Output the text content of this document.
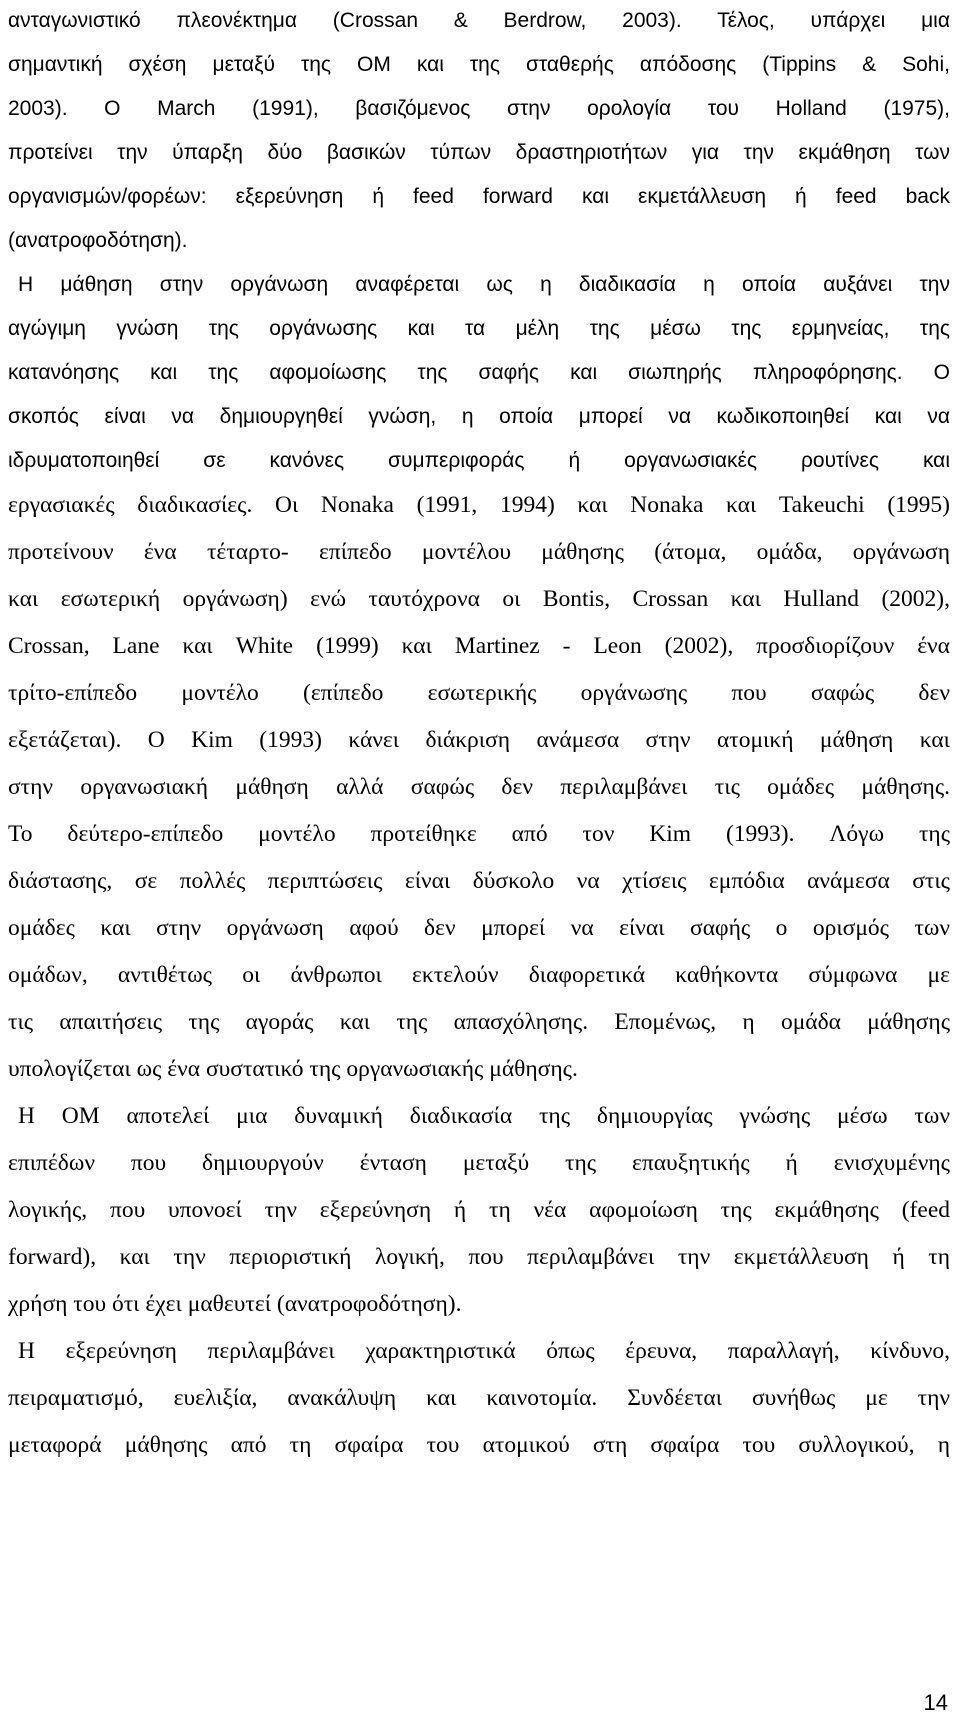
ανταγωνιστικό πλεονέκτημα (Crossan & Berdrow, 2003). Τέλος, υπάρχει μια
σημαντική σχέση μεταξύ της ΟΜ και της σταθερής απόδοσης (Tippins & Sohi,
2003). O March (1991), βασιζόμενος στην ορολογία του Holland (1975),
προτείνει την ύπαρξη δύο βασικών τύπων δραστηριοτήτων για την εκμάθηση των
οργανισμών/φορέων: εξερεύνηση ή feed forward και εκμετάλλευση ή feed back
(ανατροφοδότηση).
Η μάθηση στην οργάνωση αναφέρεται ως η διαδικασία η οποία αυξάνει την
αγώγιμη γνώση της οργάνωσης και τα μέλη της μέσω της ερμηνείας, της
κατανόησης και της αφομοίωσης της σαφής και σιωπηρής πληροφόρησης. Ο
σκοπός είναι να δημιουργηθεί γνώση, η οποία μπορεί να κωδικοποιηθεί και να
ιδρυματοποιηθεί σε κανόνες συμπεριφοράς ή οργανωσιακές ρουτίνες και
εργασιακές διαδικασίες. Οι Nonaka (1991, 1994) και Nonaka και Takeuchi (1995)
προτείνουν ένα τέταρτο- επίπεδο μοντέλου μάθησης (άτομα, ομάδα, οργάνωση
και εσωτερική οργάνωση) ενώ ταυτόχρονα οι Bontis, Crossan και Hulland (2002),
Crossan, Lane και White (1999) και Martinez - Leon (2002), προσδιορίζουν ένα
τρίτο-επίπεδο μοντέλο (επίπεδο εσωτερικής οργάνωσης που σαφώς δεν
εξετάζεται). Ο Kim (1993) κάνει διάκριση ανάμεσα στην ατομική μάθηση και
στην οργανωσιακή μάθηση αλλά σαφώς δεν περιλαμβάνει τις ομάδες μάθησης.
Το δεύτερο-επίπεδο μοντέλο προτείθηκε από τον Kim (1993). Λόγω της
διάστασης, σε πολλές περιπτώσεις είναι δύσκολο να χτίσεις εμπόδια ανάμεσα στις
ομάδες και στην οργάνωση αφού δεν μπορεί να είναι σαφής ο ορισμός των
ομάδων, αντιθέτως οι άνθρωποι εκτελούν διαφορετικά καθήκοντα σύμφωνα με
τις απαιτήσεις της αγοράς και της απασχόλησης. Επομένως, η ομάδα μάθησης
υπολογίζεται ως ένα συστατικό της οργανωσιακής μάθησης.
Η ΟΜ αποτελεί μια δυναμική διαδικασία της δημιουργίας γνώσης μέσω των
επιπέδων που δημιουργούν ένταση μεταξύ της επαυξητικής ή ενισχυμένης
λογικής, που υπονοεί την εξερεύνηση ή τη νέα αφομοίωση της εκμάθησης (feed
forward), και την περιοριστική λογική, που περιλαμβάνει την εκμετάλλευση ή τη
χρήση του ότι έχει μαθευτεί (ανατροφοδότηση).
Η εξερεύνηση περιλαμβάνει χαρακτηριστικά όπως έρευνα, παραλλαγή, κίνδυνο,
πειραματισμό, ευελιξία, ανακάλυψη και καινοτομία. Συνδέεται συνήθως με την
μεταφορά μάθησης από τη σφαίρα του ατομικού στη σφαίρα του συλλογικού, η
14
